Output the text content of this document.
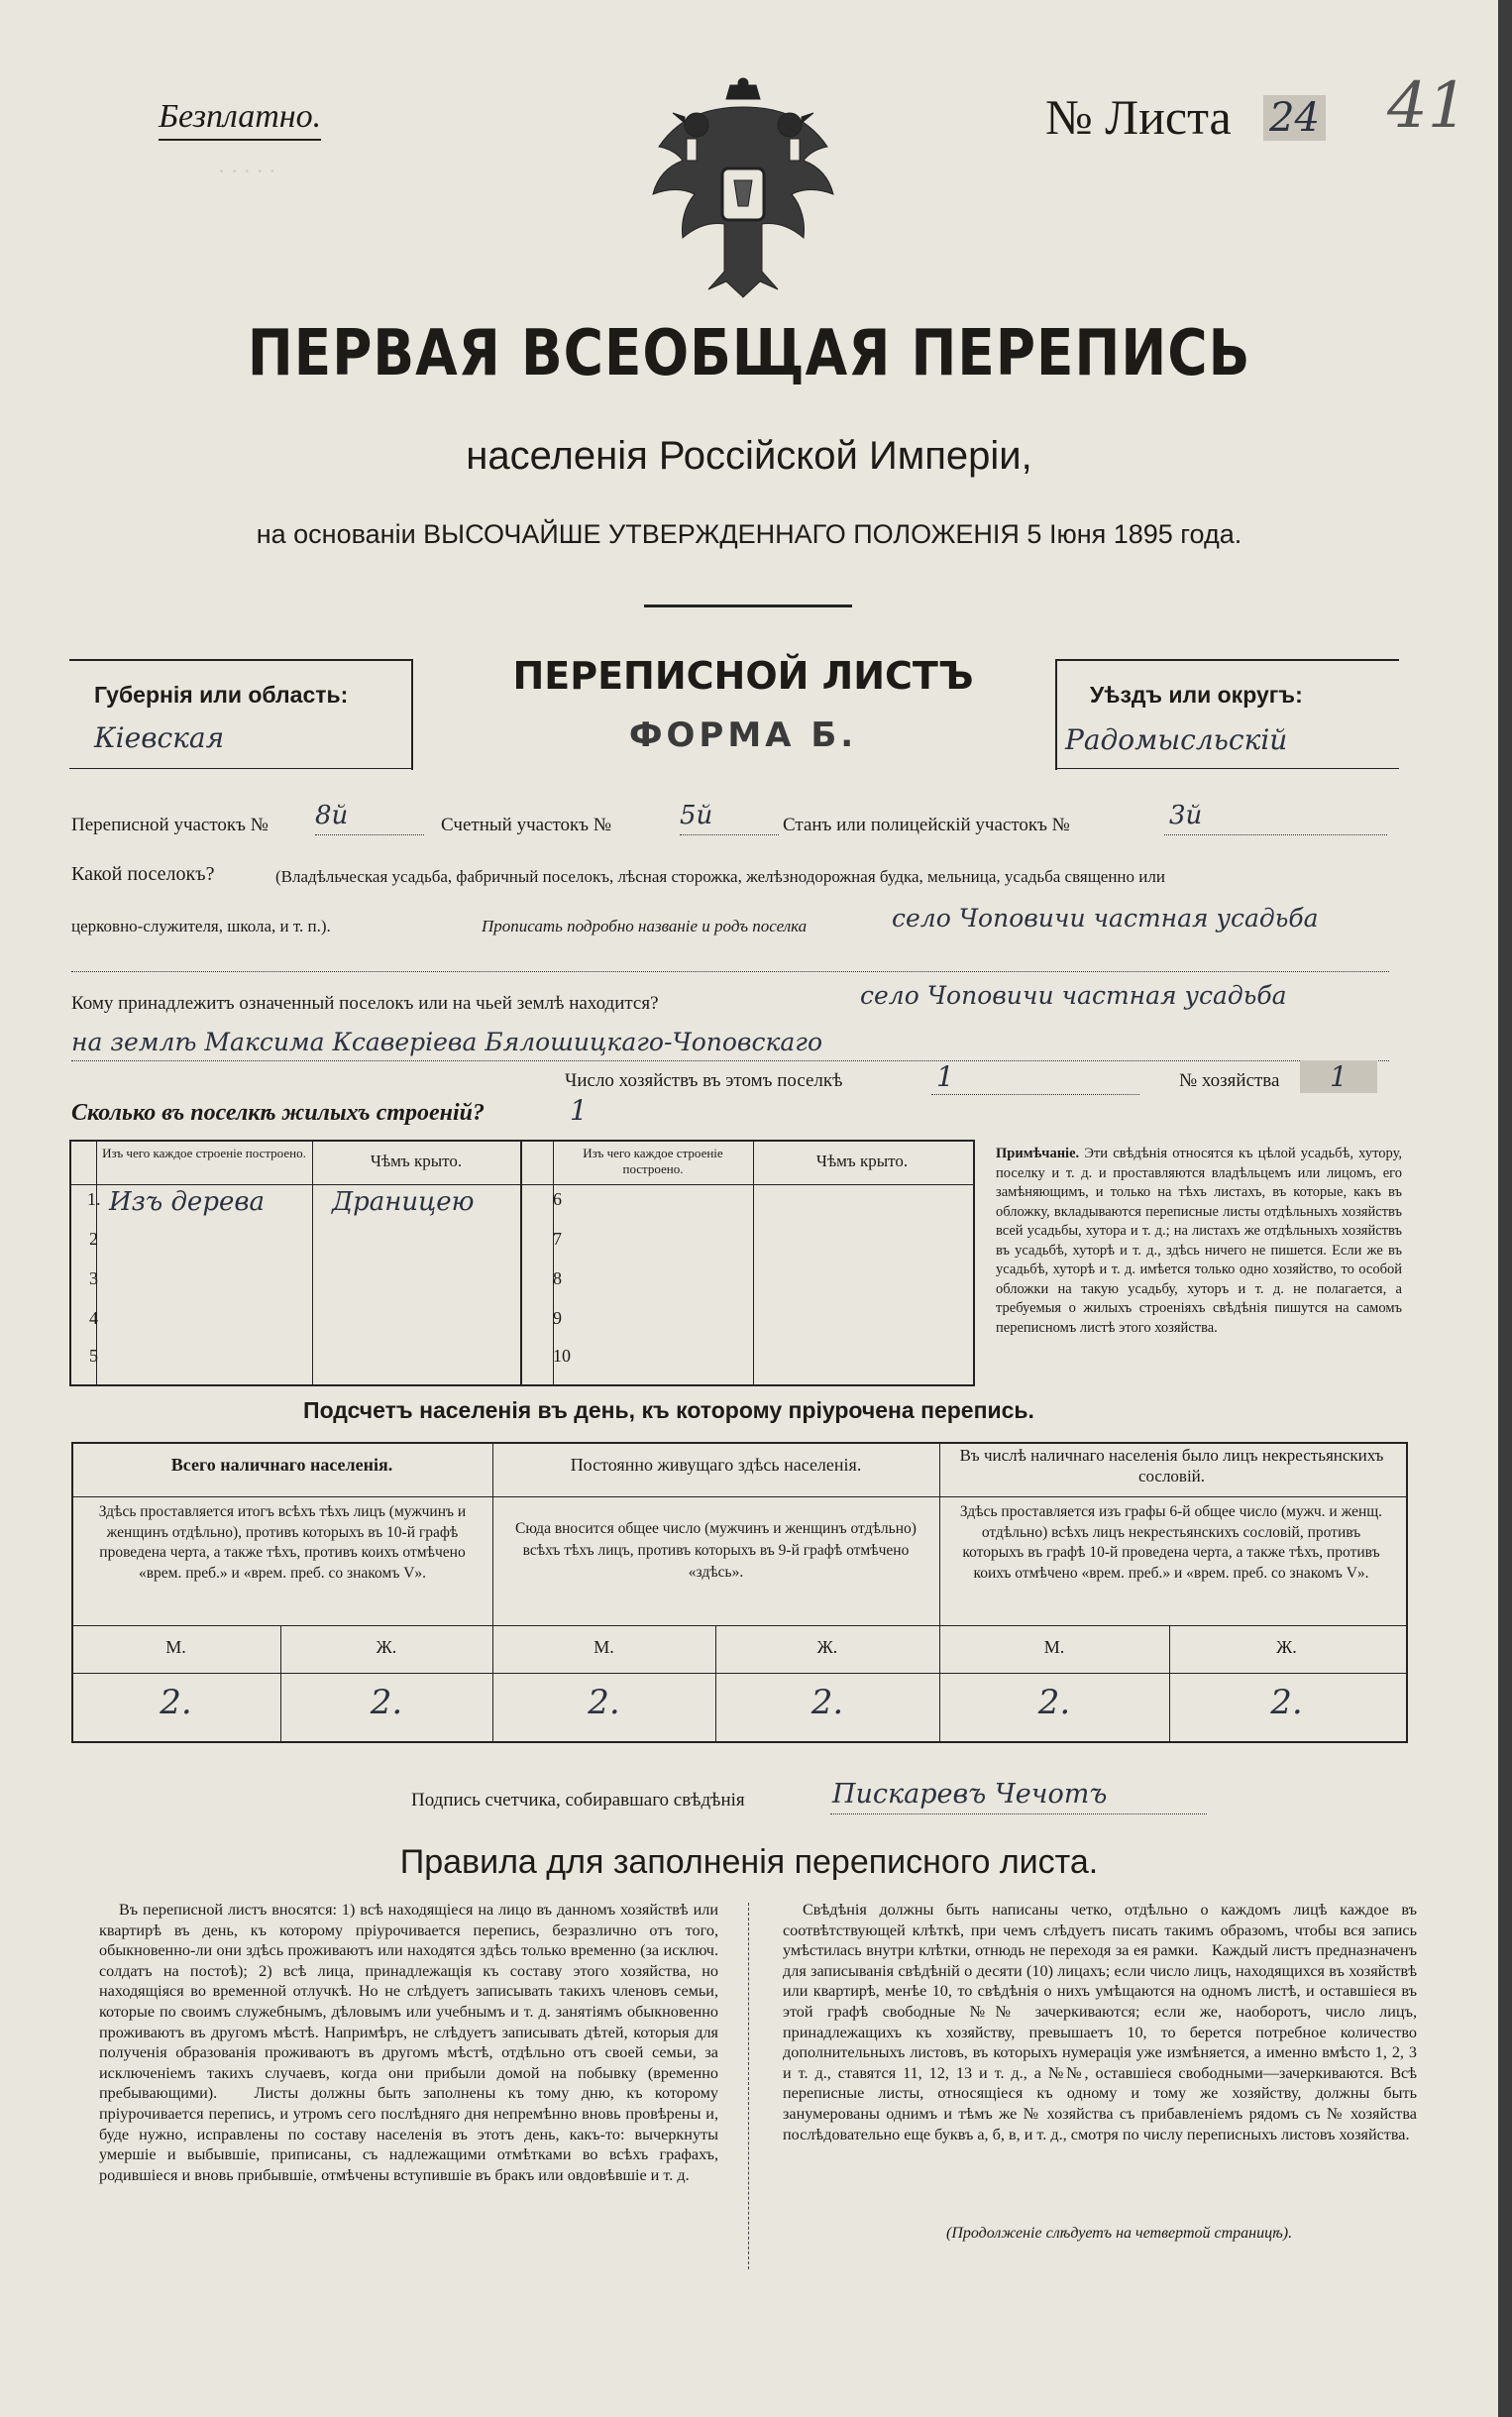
· · · · ·
Безплатно.	№ Листа 24 41
ПЕРВАЯ ВСЕОБЩАЯ ПЕРЕПИСЬ
населенія Россійской Имперіи,
на основаніи ВЫСОЧАЙШЕ УТВЕРЖДЕННАГО ПОЛОЖЕНІЯ 5 Іюня 1895 года.
Губернія или область:
Кіевская
ПЕРЕПИСНОЙ ЛИСТЪ
ФОРМА Б.
Уѣздъ или округъ:
Радомысльскій
Переписной участокъ № 8й	Счетный участокъ №	5й	Станъ или полицейскій участокъ №	3й
Какой поселокъ?	(Владѣльческая усадьба, фабричный поселокъ, лѣсная сторожка, желѣзнодорожная будка, мельница, усадьба священно или
церковно-служителя, школа, и т. п.).	Прописать подробно названіе и родъ поселка	село Чоповичи частная усадьба
Кому принадлежитъ означенный поселокъ или на чьей землѣ находится?	село Чоповичи частная усадьба
на землѣ Максима Ксаверіева Бялошицкаго-Чоповскаго
Число хозяйствъ въ этомъ поселкѣ	1	№ хозяйства	1
Сколько въ поселкѣ жилыхъ строеній?	1
Изъ чего каждое строеніе построено.	Чѣмъ крыто.	Изъ чего каждое строеніе построено.	Чѣмъ крыто.
1. Изъ дерева	Драницею
2
3
4
5
6
7
8
9
10
Примѣчаніе. Эти свѣдѣнія относятся къ цѣлой усадьбѣ, хутору, поселку и т. д. и проставляются владѣльцемъ или лицомъ, его замѣняющимъ, и только на тѣхъ листахъ, въ которые, какъ въ обложку, вкладываются переписные листы отдѣльныхъ хозяйствъ всей усадьбы, хутора и т. д.; на листахъ же отдѣльныхъ хозяйствъ въ усадьбѣ, хуторѣ и т. д., здѣсь ничего не пишется. Если же въ усадьбѣ, хуторѣ и т. д. имѣется только одно хозяйство, то особой обложки на такую усадьбу, хуторъ и т. д. не полагается, а требуемыя о жилыхъ строеніяхъ свѣдѣнія пишутся на самомъ переписномъ листѣ этого хозяйства.
Подсчетъ населенія въ день, къ которому пріурочена перепись.
Всего наличнаго населенія.	Постоянно живущаго здѣсь населенія.	Въ числѣ наличнаго населенія было лицъ некрестьянскихъ сословій.
Здѣсь проставляется итогъ всѣхъ тѣхъ лицъ (мужчинъ и женщинъ отдѣльно), противъ которыхъ въ 10-й графѣ проведена черта, а также тѣхъ, противъ коихъ отмѣчено «врем. преб.» и «врем. преб. со знакомъ V».
Сюда вносится общее число (мужчинъ и женщинъ отдѣльно) всѣхъ тѣхъ лицъ, противъ которыхъ въ 9-й графѣ отмѣчено «здѣсь».
Здѣсь проставляется изъ графы 6-й общее число (мужч. и женщ. отдѣльно) всѣхъ лицъ некрестьянскихъ сословій, противъ которыхъ въ графѣ 10-й проведена черта, а также тѣхъ, противъ коихъ отмѣчено «врем. преб.» и «врем. преб. со знакомъ V».
М.	Ж.	М.	Ж.	М.	Ж.
2.	2.	2.	2.	2.	2.
Подпись счетчика, собиравшаго свѣдѣнія	Пискаревъ Чечотъ
Правила для заполненія переписного листа.
Въ переписной листъ вносятся: 1) всѣ находящіеся на лицо въ данномъ хозяйствѣ или квартирѣ въ день, къ которому пріурочивается перепись, безразлично отъ того, обыкновенно-ли они здѣсь проживаютъ или находятся здѣсь только временно (за исключ. солдатъ на постоѣ); 2) всѣ лица, принадлежащія къ составу этого хозяйства, но находящіяся во временной отлучкѣ. Но не слѣдуетъ записывать такихъ членовъ семьи, которые по своимъ служебнымъ, дѣловымъ или учебнымъ и т. д. занятіямъ обыкновенно проживаютъ въ другомъ мѣстѣ. Напримѣръ, не слѣдуетъ записывать дѣтей, которыя для полученія образованія проживаютъ въ другомъ мѣстѣ, отдѣльно отъ своей семьи, за исключеніемъ такихъ случаевъ, когда они прибыли домой на побывку (временно пребывающими).   Листы должны быть заполнены къ тому дню, къ которому пріурочивается перепись, и утромъ сего послѣдняго дня непремѣнно вновь провѣрены и, буде нужно, исправлены по составу населенія въ этотъ день, какъ-то: вычеркнуты умершіе и выбывшіе, приписаны, съ надлежащими отмѣтками во всѣхъ графахъ, родившіеся и вновь прибывшіе, отмѣчены вступившіе въ бракъ или овдовѣвшіе и т. д.
Свѣдѣнія должны быть написаны четко, отдѣльно о каждомъ лицѣ каждое въ соотвѣтствующей клѣткѣ, при чемъ слѣдуетъ писать такимъ образомъ, чтобы вся запись умѣстилась внутри клѣтки, отнюдь не переходя за ея рамки.   Каждый листъ предназначенъ для записыванія свѣдѣній о десяти (10) лицахъ; если число лицъ, находящихся въ хозяйствѣ или квартирѣ, менѣе 10, то свѣдѣнія о нихъ умѣщаются на одномъ листѣ, и оставшіеся въ этой графѣ свободные №№ зачеркиваются; если же, наоборотъ, число лицъ, принадлежащихъ къ хозяйству, превышаетъ 10, то берется потребное количество дополнительныхъ листовъ, въ которыхъ нумерація уже измѣняется, а именно вмѣсто 1, 2, 3 и т. д., ставятся 11, 12, 13 и т. д., а №№, оставшіеся свободными—зачеркиваются. Всѣ переписные листы, относящіеся къ одному и тому же хозяйству, должны быть занумерованы однимъ и тѣмъ же № хозяйства съ прибавленіемъ рядомъ съ № хозяйства послѣдовательно еще буквъ а, б, в, и т. д., смотря по числу переписныхъ листовъ хозяйства.
(Продолженіе слѣдуетъ на четвертой страницѣ).
